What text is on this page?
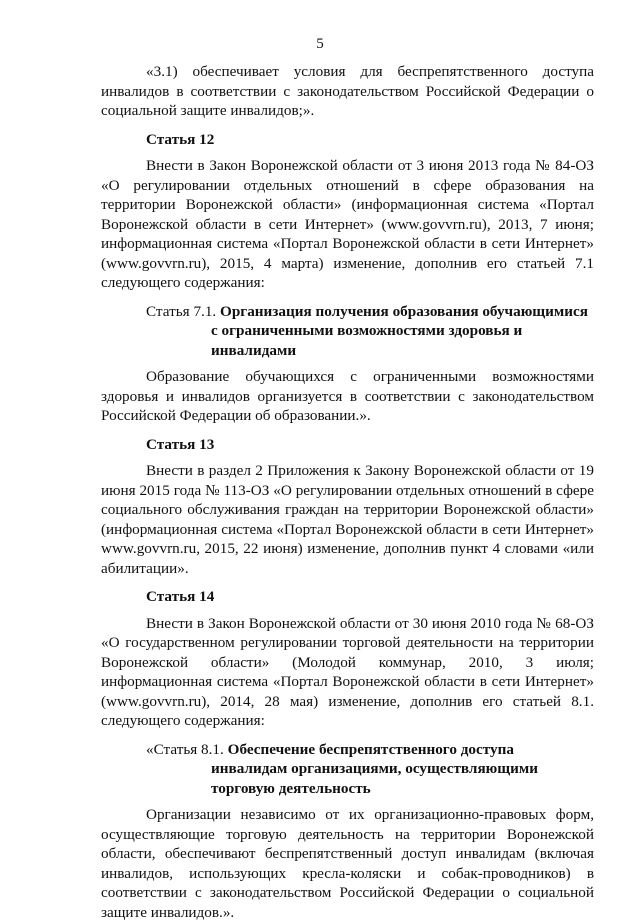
5

«3.1) обеспечивает условия для беспрепятственного доступа инвалидов в соответствии с законодательством Российской Федерации о социальной защите инвалидов;».

Статья 12

Внести в Закон Воронежской области от 3 июня 2013 года № 84-ОЗ «О регулировании отдельных отношений в сфере образования на территории Воронежской области» (информационная система «Портал Воронежской области в сети Интернет» (www.govvrn.ru), 2013, 7 июня; информационная система «Портал Воронежской области в сети Интернет» (www.govvrn.ru), 2015, 4 марта) изменение, дополнив его статьей 7.1 следующего содержания:

Статья 7.1. Организация получения образования обучающимися с ограниченными возможностями здоровья и инвалидами

Образование обучающихся с ограниченными возможностями здоровья и инвалидов организуется в соответствии с законодательством Российской Федерации об образовании.».

Статья 13

Внести в раздел 2 Приложения к Закону Воронежской области от 19 июня 2015 года № 113-ОЗ «О регулировании отдельных отношений в сфере социального обслуживания граждан на территории Воронежской области» (информационная система «Портал Воронежской области в сети Интернет» www.govvrn.ru, 2015, 22 июня) изменение, дополнив пункт 4 словами «или абилитации».

Статья 14

Внести в Закон Воронежской области от 30 июня 2010 года № 68-ОЗ «О государственном регулировании торговой деятельности на территории Воронежской области» (Молодой коммунар, 2010, 3 июля; информационная система «Портал Воронежской области в сети Интернет» (www.govvrn.ru), 2014, 28 мая) изменение, дополнив его статьей 8.1. следующего содержания:

«Статья 8.1. Обеспечение беспрепятственного доступа инвалидам организациями, осуществляющими торговую деятельность

Организации независимо от их организационно-правовых форм, осуществляющие торговую деятельность на территории Воронежской области, обеспечивают беспрепятственный доступ инвалидам (включая инвалидов, использующих кресла-коляски и собак-проводников) в соответствии с законодательством Российской Федерации о социальной защите инвалидов.».
